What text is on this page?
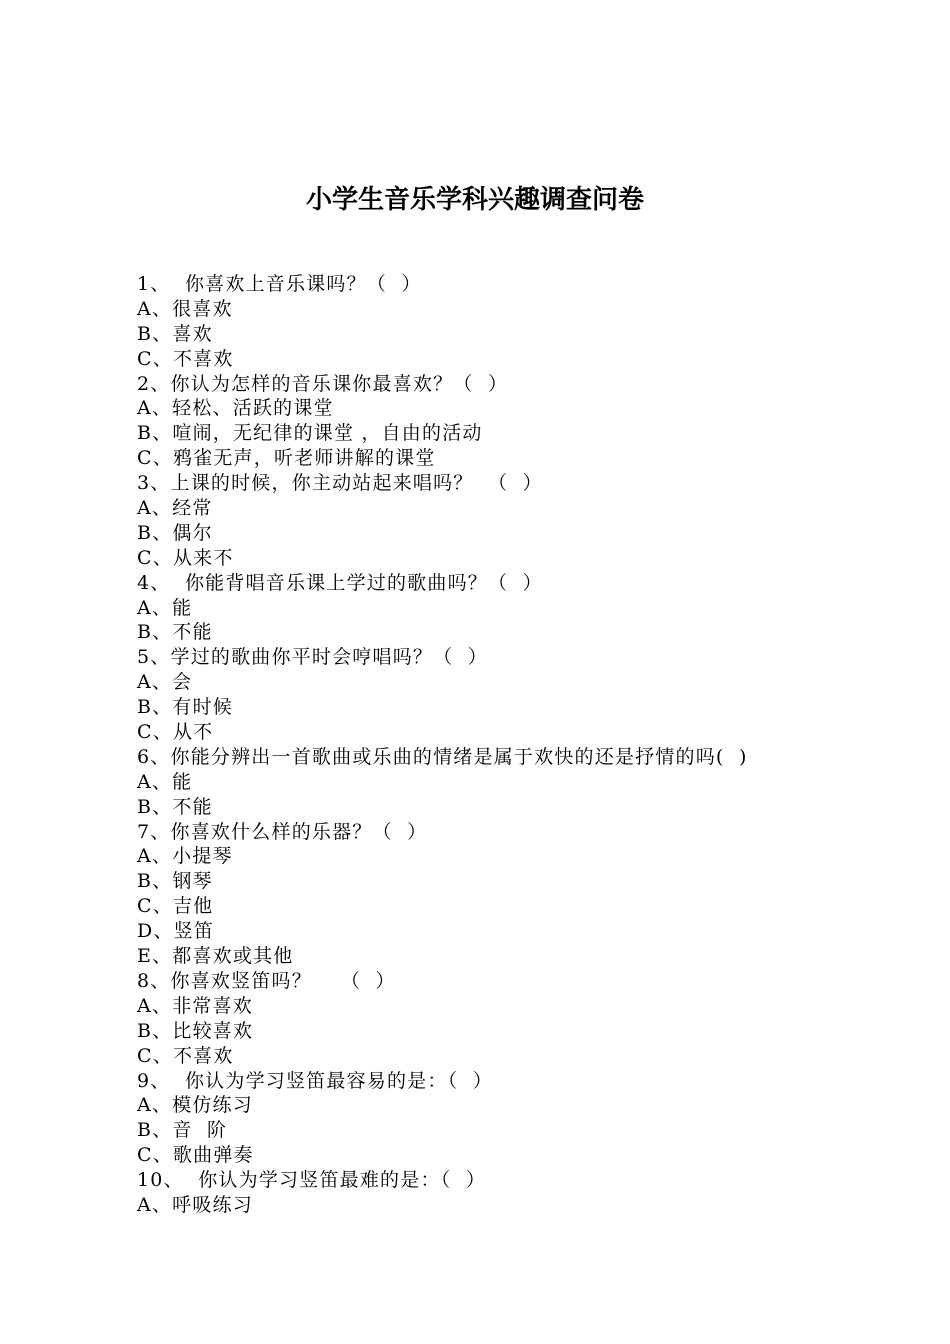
小学生音乐学科兴趣调查问卷

1、  你喜欢上音乐课吗？（  ）

A、很喜欢

B、喜欢

C、不喜欢

2、你认为怎样的音乐课你最喜欢？（  ）

A、轻松、活跃的课堂

B、喧闹，无纪律的课堂 ，自由的活动

C、鸦雀无声，听老师讲解的课堂

3、上课的时候，你主动站起来唱吗？  （  ）

A、经常

B、偶尔

C、从来不

4、  你能背唱音乐课上学过的歌曲吗？（  ）

A、能

B、不能

5、学过的歌曲你平时会哼唱吗？（  ）

A、会

B、有时候

C、从不

6、你能分辨出一首歌曲或乐曲的情绪是属于欢快的还是抒情的吗(  )

A、能

B、不能

7、你喜欢什么样的乐器？（  ）

A、小提琴

B、钢琴

C、吉他

D、竖笛

E、都喜欢或其他

8、你喜欢竖笛吗？    （  ）

A、非常喜欢

B、比较喜欢

C、不喜欢

9、  你认为学习竖笛最容易的是：（  ）

A、模仿练习

B、音  阶

C、歌曲弹奏

10、  你认为学习竖笛最难的是：（  ）

A、呼吸练习
